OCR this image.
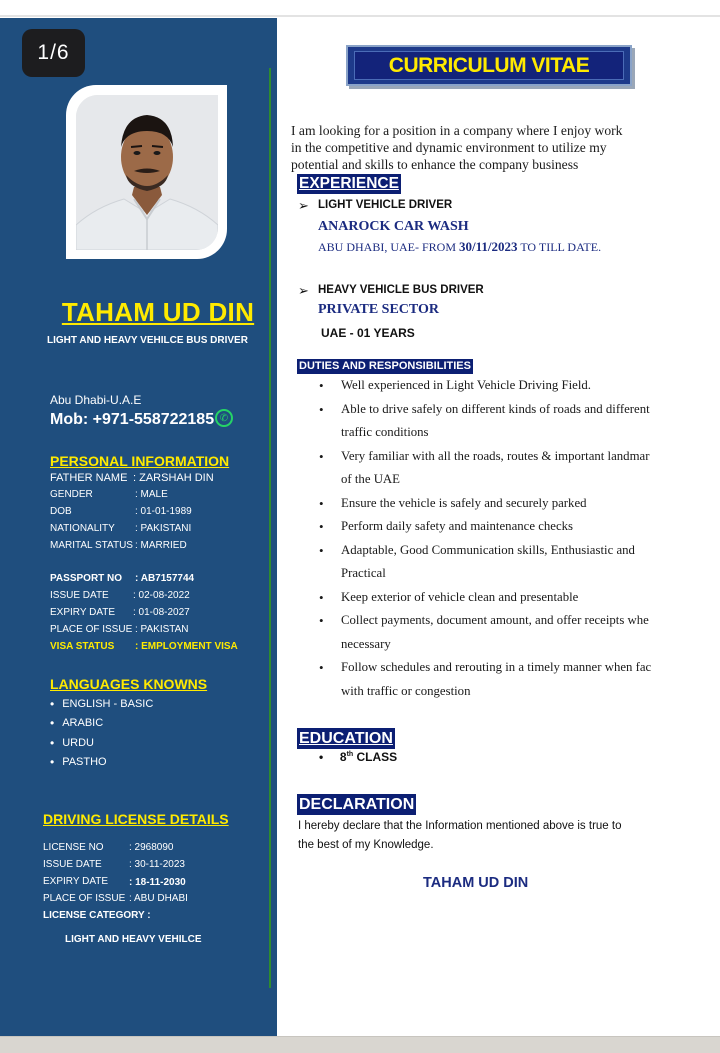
1/6
TAHAM UD DIN
LIGHT AND HEAVY VEHILCE BUS DRIVER
Abu Dhabi-U.A.E
Mob: +971-558722185 ✆
PERSONAL INFORMATION
FATHER NAME : ZARSHAH DIN
GENDER	: MALE
DOB	: 01-01-1989
NATIONALITY : PAKISTANI
MARITAL STATUS : MARRIED
PASSPORT NO : AB7157744
ISSUE DATE : 02-08-2022
EXPIRY DATE : 01-08-2027
PLACE OF ISSUE : PAKISTAN
VISA STATUS : EMPLOYMENT VISA
LANGUAGES KNOWNS
• ENGLISH - BASIC
• ARABIC
• URDU
• PASTHO
DRIVING LICENSE DETAILS
LICENSE NO	: 2968090
ISSUE DATE	: 30-11-2023
EXPIRY DATE : 18-11-2030
PLACE OF ISSUE : ABU DHABI
LICENSE CATEGORY :
LIGHT AND HEAVY VEHILCE
CURRICULUM VITAE
I am looking for a position in a company where I enjoy work
in the competitive and dynamic environment to utilize my
potential and skills to enhance the company business
EXPERIENCE
➢ LIGHT VEHICLE DRIVER
ANAROCK CAR WASH
ABU DHABI, UAE- FROM 30/11/2023 TO TILL DATE.
➢ HEAVY VEHICLE BUS DRIVER
PRIVATE SECTOR
UAE - 01 YEARS
DUTIES AND RESPONSIBILITIES
• Well experienced in Light Vehicle Driving Field.
• Able to drive safely on different kinds of roads and different
traffic conditions
• Very familiar with all the roads, routes & important landmar
of the UAE
• Ensure the vehicle is safely and securely parked
• Perform daily safety and maintenance checks
• Adaptable, Good Communication skills, Enthusiastic and
Practical
• Keep exterior of vehicle clean and presentable
• Collect payments, document amount, and offer receipts whe
necessary
• Follow schedules and rerouting in a timely manner when fac
with traffic or congestion
EDUCATION
•     8th CLASS
DECLARATION
I hereby declare that the Information mentioned above is true to
the best of my Knowledge.
TAHAM UD DIN
